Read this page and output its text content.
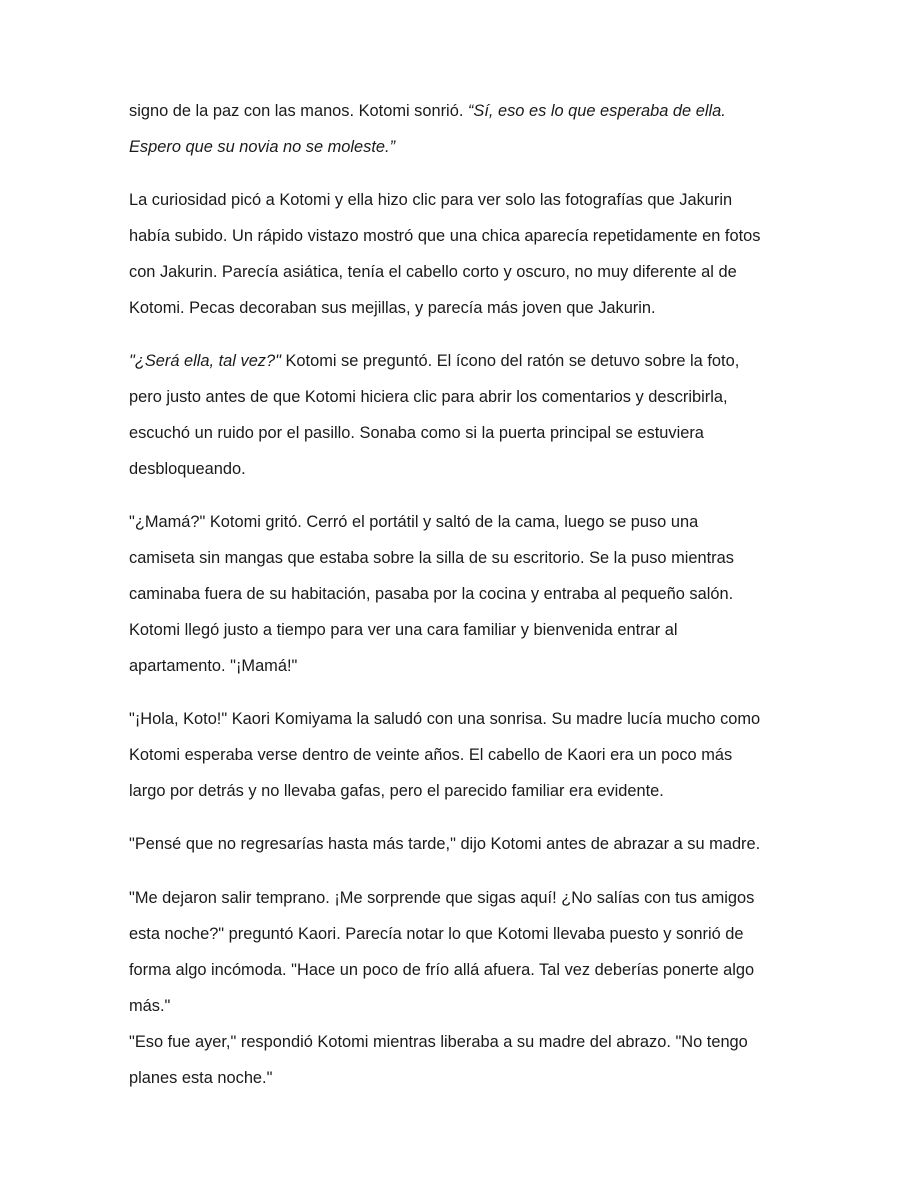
signo de la paz con las manos. Kotomi sonrió. “Sí, eso es lo que esperaba de ella.
Espero que su novia no se moleste.”
La curiosidad picó a Kotomi y ella hizo clic para ver solo las fotografías que Jakurin
había subido. Un rápido vistazo mostró que una chica aparecía repetidamente en fotos
con Jakurin. Parecía asiática, tenía el cabello corto y oscuro, no muy diferente al de
Kotomi. Pecas decoraban sus mejillas, y parecía más joven que Jakurin.
"¿Será ella, tal vez?" Kotomi se preguntó. El ícono del ratón se detuvo sobre la foto,
pero justo antes de que Kotomi hiciera clic para abrir los comentarios y describirla,
escuchó un ruido por el pasillo. Sonaba como si la puerta principal se estuviera
desbloqueando.
"¿Mamá?" Kotomi gritó. Cerró el portátil y saltó de la cama, luego se puso una
camiseta sin mangas que estaba sobre la silla de su escritorio. Se la puso mientras
caminaba fuera de su habitación, pasaba por la cocina y entraba al pequeño salón.
Kotomi llegó justo a tiempo para ver una cara familiar y bienvenida entrar al
apartamento. "¡Mamá!"
"¡Hola, Koto!" Kaori Komiyama la saludó con una sonrisa. Su madre lucía mucho como
Kotomi esperaba verse dentro de veinte años. El cabello de Kaori era un poco más
largo por detrás y no llevaba gafas, pero el parecido familiar era evidente.
"Pensé que no regresarías hasta más tarde," dijo Kotomi antes de abrazar a su madre.
"Me dejaron salir temprano. ¡Me sorprende que sigas aquí! ¿No salías con tus amigos
esta noche?" preguntó Kaori. Parecía notar lo que Kotomi llevaba puesto y sonrió de
forma algo incómoda. "Hace un poco de frío allá afuera. Tal vez deberías ponerte algo
más."
"Eso fue ayer," respondió Kotomi mientras liberaba a su madre del abrazo. "No tengo
planes esta noche."
